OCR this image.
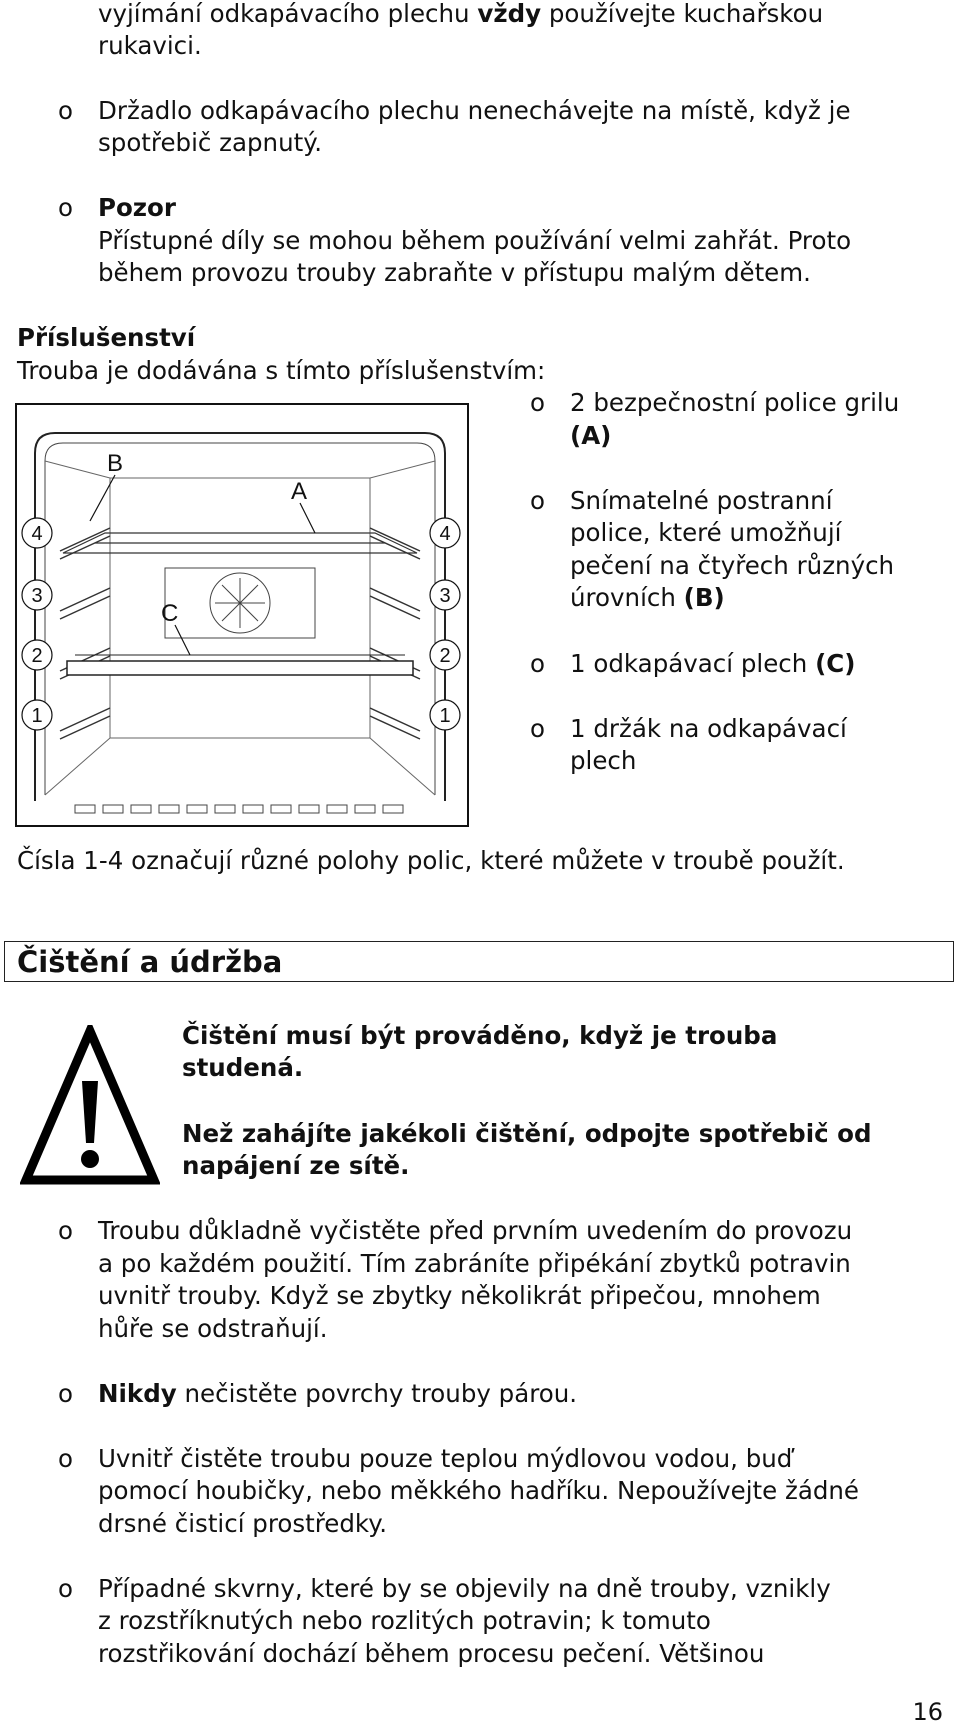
vyjímání odkapávacího plechu vždy používejte kuchařskou
rukavici.
o Držadlo odkapávacího plechu nenechávejte na místě, když je
spotřebič zapnutý.
o Pozor
Přístupné díly se mohou během používání velmi zahřát. Proto
během provozu trouby zabraňte v přístupu malým dětem.
Příslušenství
Trouba je dodávána s tímto příslušenstvím:
B
A
C
4
3
2
1
4
3
2
1
o 2 bezpečnostní police grilu
(A)
o Snímatelné postranní
police, které umožňují
pečení na čtyřech různých
úrovních (B)
o 1 odkapávací plech (C)
o 1 držák na odkapávací
plech
Čísla 1-4 označují různé polohy polic, které můžete v troubě použít.
Čištění a údržba
Čištění musí být prováděno, když je trouba
studená.
Než zahájíte jakékoli čištění, odpojte spotřebič od
napájení ze sítě.
o Troubu důkladně vyčistěte před prvním uvedením do provozu
a po každém použití. Tím zabráníte připékání zbytků potravin
uvnitř trouby. Když se zbytky několikrát připečou, mnohem
hůře se odstraňují.
o Nikdy nečistěte povrchy trouby párou.
o Uvnitř čistěte troubu pouze teplou mýdlovou vodou, buď
pomocí houbičky, nebo měkkého hadříku. Nepoužívejte žádné
drsné čisticí prostředky.
o Případné skvrny, které by se objevily na dně trouby, vznikly
z rozstříknutých nebo rozlitých potravin; k tomuto
rozstřikování dochází během procesu pečení. Většinou
16
